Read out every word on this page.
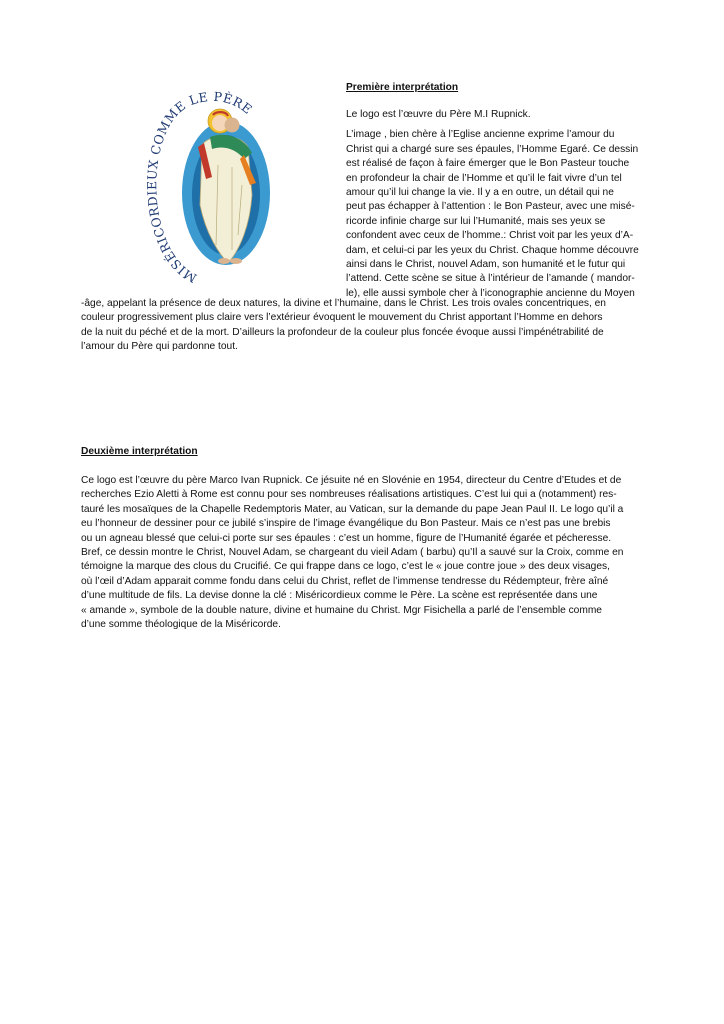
MISÉRICORDIEUX COMME LE PÈRE

Première interprétation

Le logo est l’œuvre du Père M.I Rupnick.

L’image , bien chère à l’Eglise ancienne exprime l’amour du

Christ qui a chargé sure ses épaules, l’Homme Egaré. Ce dessin

est réalisé de façon à faire émerger que le Bon Pasteur touche

en profondeur la chair de l’Homme et qu’il le fait vivre d’un tel

amour qu’il lui change la vie. Il y a en outre, un détail qui ne

peut pas échapper à l’attention : le Bon Pasteur, avec une misé-

ricorde infinie charge sur lui l’Humanité, mais ses yeux se

confondent avec ceux de l’homme.: Christ voit par les yeux d’A-

dam, et celui-ci par les yeux du Christ. Chaque homme découvre

ainsi dans le Christ, nouvel Adam, son humanité et le futur qui

l’attend. Cette scène se situe à l’intérieur de l’amande ( mandor-

le), elle aussi symbole cher à l’iconographie ancienne du Moyen

-âge, appelant la présence de deux natures, la divine et l’humaine, dans le Christ. Les trois ovales concentriques, en

couleur progressivement plus claire vers l’extérieur évoquent le mouvement du Christ apportant l’Homme en dehors

de la nuit du péché et de la mort. D’ailleurs la profondeur de la couleur plus foncée évoque aussi l’impénétrabilité de

l’amour du Père qui pardonne tout.

Deuxième interprétation

Ce logo est l’œuvre du père Marco Ivan Rupnick. Ce jésuite né en Slovénie en 1954, directeur du Centre d’Etudes et de

recherches Ezio Aletti à Rome est connu pour ses nombreuses réalisations artistiques. C’est lui qui a (notamment) res-

tauré les mosaïques de la Chapelle Redemptoris Mater, au Vatican, sur la demande du pape Jean Paul II. Le logo qu’il a

eu l’honneur de dessiner pour ce jubilé s’inspire de l’image évangélique du Bon Pasteur. Mais ce n’est pas une brebis

ou un agneau blessé que celui-ci porte sur ses épaules : c’est un homme, figure de l’Humanité égarée et pécheresse.

Bref, ce dessin montre le Christ, Nouvel Adam, se chargeant du vieil Adam ( barbu) qu’Il a sauvé sur la Croix, comme en

témoigne la marque des clous du Crucifié. Ce qui frappe dans ce logo, c’est le « joue contre joue » des deux visages,

où l’œil d’Adam apparait comme fondu dans celui du Christ, reflet de l’immense tendresse du Rédempteur, frère aîné

d’une multitude de fils. La devise donne la clé : Miséricordieux comme le Père. La scène est représentée dans une

« amande », symbole de la double nature, divine et humaine du Christ. Mgr Fisichella a parlé de l’ensemble comme

d’une somme théologique de la Miséricorde.
